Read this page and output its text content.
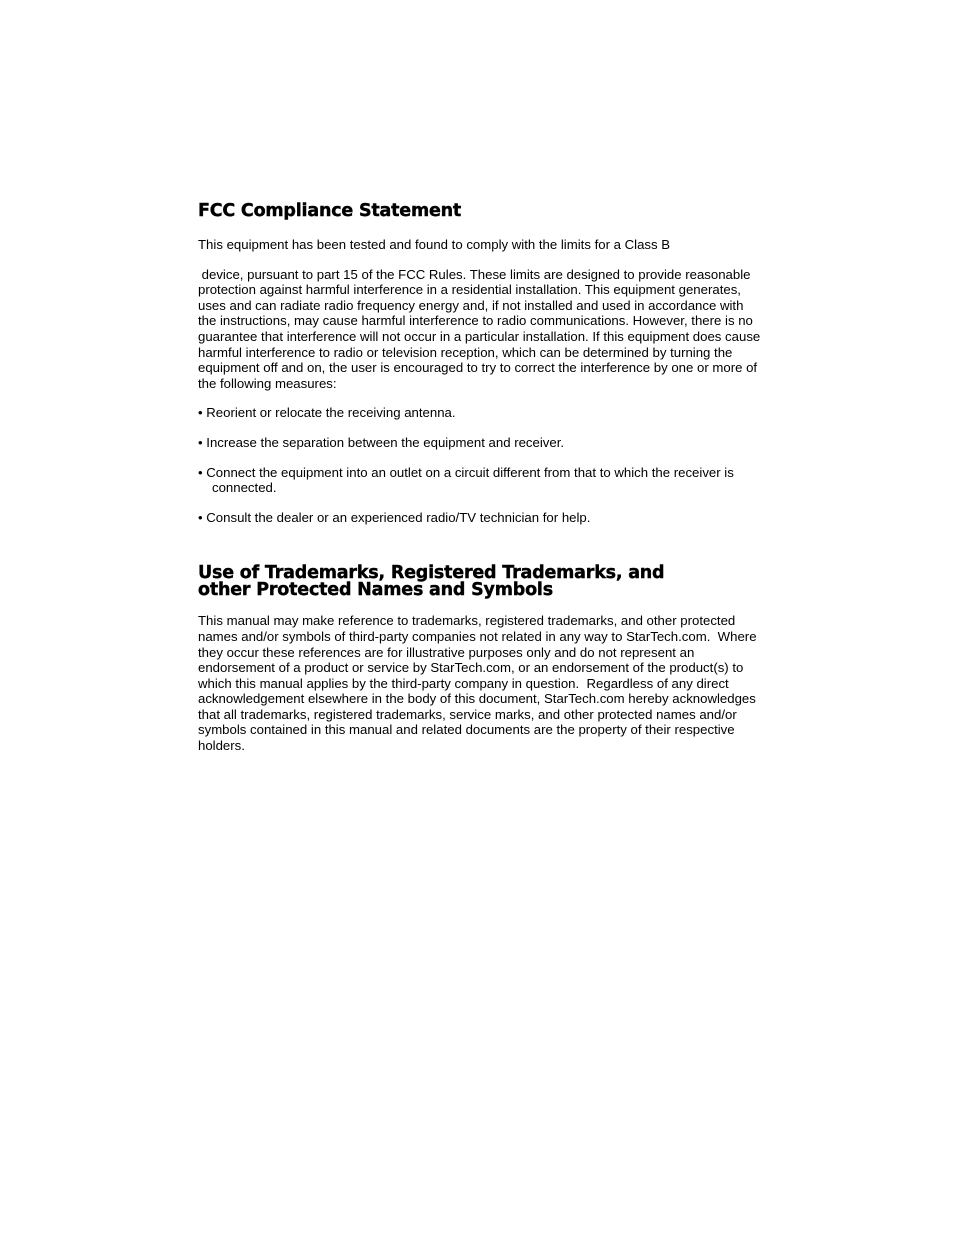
FCC Compliance Statement

This equipment has been tested and found to comply with the limits for a Class B

device, pursuant to part 15 of the FCC Rules. These limits are designed to provide reasonable protection against harmful interference in a residential installation. This equipment generates, uses and can radiate radio frequency energy and, if not installed and used in accordance with the instructions, may cause harmful interference to radio communications. However, there is no guarantee that interference will not occur in a particular installation. If this equipment does cause harmful interference to radio or television reception, which can be determined by turning the equipment off and on, the user is encouraged to try to correct the interference by one or more of the following measures:

• Reorient or relocate the receiving antenna.

• Increase the separation between the equipment and receiver.

• Connect the equipment into an outlet on a circuit different from that to which the receiver is connected.

• Consult the dealer or an experienced radio/TV technician for help.

Use of Trademarks, Registered Trademarks, and
other Protected Names and Symbols

This manual may make reference to trademarks, registered trademarks, and other protected names and/or symbols of third-party companies not related in any way to StarTech.com.  Where they occur these references are for illustrative purposes only and do not represent an endorsement of a product or service by StarTech.com, or an endorsement of the product(s) to which this manual applies by the third-party company in question.  Regardless of any direct acknowledgement elsewhere in the body of this document, StarTech.com hereby acknowledges that all trademarks, registered trademarks, service marks, and other protected names and/or symbols contained in this manual and related documents are the property of their respective holders.
